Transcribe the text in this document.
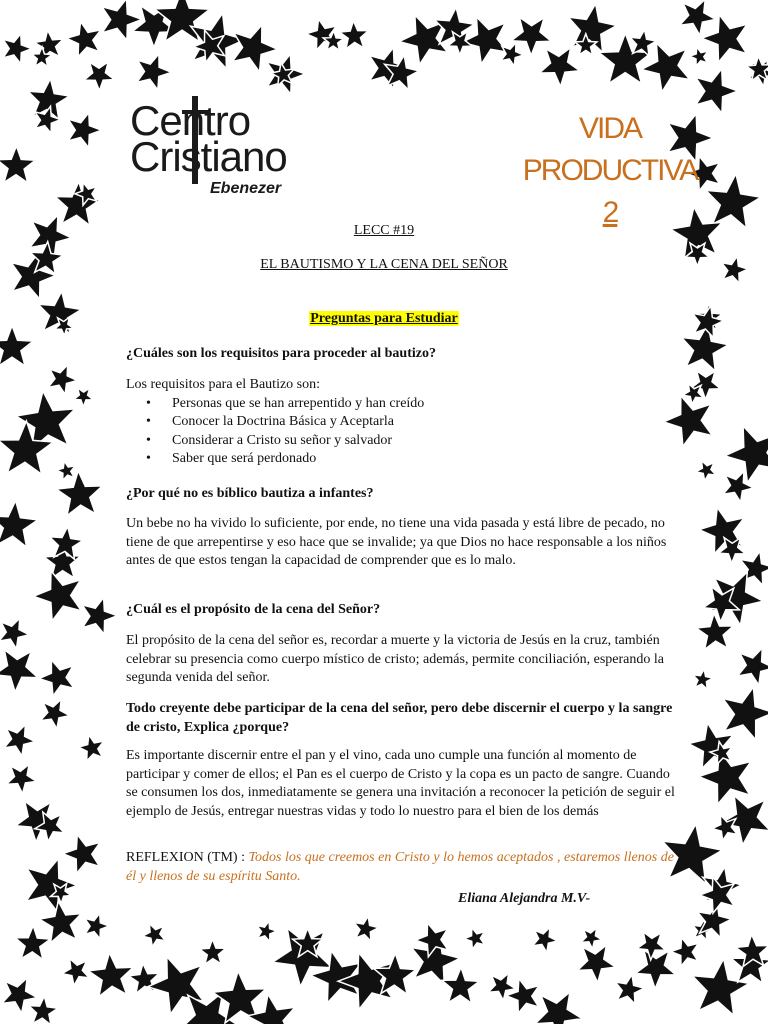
Centro
Cristiano
Ebenezer
VIDA
PRODUCTIVA
2
LECC #19
EL BAUTISMO Y LA CENA DEL SEÑOR
Preguntas para Estudiar
¿Cuáles son los requisitos para proceder al bautizo?
Los requisitos para el Bautizo son:
• Personas que se han arrepentido y han creído
• Conocer la Doctrina Básica y Aceptarla
• Considerar a Cristo su señor y salvador
• Saber que será perdonado
¿Por qué no es bíblico bautiza a infantes?
Un bebe no ha vivido lo suficiente, por ende, no tiene una vida pasada y está libre de pecado, no tiene de que arrepentirse y eso hace que se invalide; ya que Dios no hace responsable a los niños antes de que estos tengan la capacidad de comprender que es lo malo.
¿Cuál es el propósito de la cena del Señor?
El propósito de la cena del señor es, recordar a muerte y la victoria de Jesús en la cruz, también celebrar su presencia como cuerpo místico de cristo; además, permite conciliación, esperando la segunda venida del señor.
Todo creyente debe participar de la cena del señor, pero debe discernir el cuerpo y la sangre de cristo, Explica ¿porque?
Es importante discernir entre el pan y el vino, cada uno cumple una función al momento de participar y comer de ellos; el Pan es el cuerpo de Cristo y la copa es un pacto de sangre. Cuando se consumen los dos, inmediatamente se genera una invitación a reconocer la petición de seguir el ejemplo de Jesús, entregar nuestras vidas y todo lo nuestro para el bien de los demás
REFLEXION (TM) : Todos los que creemos en Cristo y lo hemos aceptados , estaremos llenos de él y llenos de su espíritu Santo.
Eliana Alejandra M.V-
